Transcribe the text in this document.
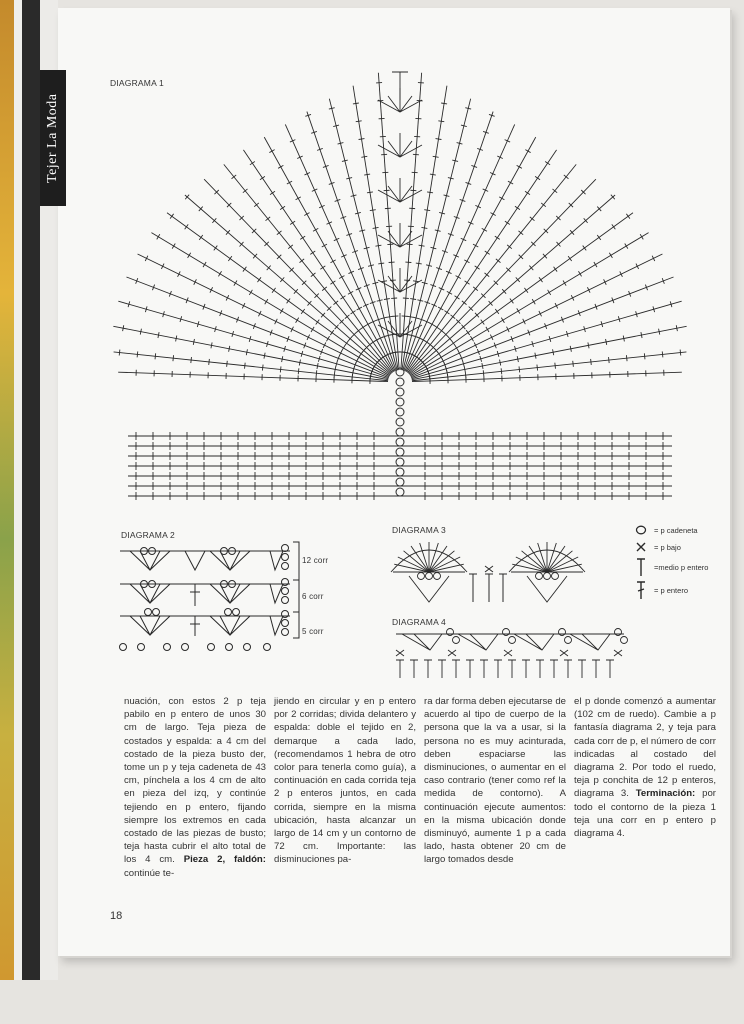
Tejer La Moda
DIAGRAMA 1
DIAGRAMA 2	DIAGRAMA 3
DIAGRAMA 4
12 corr
6 corr
5 corr
= p cadeneta
= p bajo
=medio p entero
= p entero
nuación, con estos 2 p teja pabilo en p entero de unos 30 cm de largo. Teja pieza de costados y espalda: a 4 cm del costado de la pieza busto der, tome un p y teja cadeneta de 43 cm, pínchela a los 4 cm de alto en pieza del izq, y continúe tejiendo en p entero, fijando siempre los extremos en cada costado de las piezas de busto; teja hasta cubrir el alto total de los 4 cm. Pieza 2, faldón: continúe te-
jiendo en circular y en p entero por 2 corridas; divida delantero y espalda: doble el tejido en 2, demarque a cada lado, (recomendamos 1 hebra de otro color para tenerla como guía), a continuación en cada corrida teja 2 p enteros juntos, en cada corrida, siempre en la misma ubicación, hasta alcanzar un largo de 14 cm y un contorno de 72 cm. Importante: las disminuciones pa-
ra dar forma deben ejecutarse de acuerdo al tipo de cuerpo de la persona que la va a usar, si la persona no es muy acinturada, deben espaciarse las disminuciones, o aumentar en el caso contrario (tener como ref la medida de contorno). A continuación ejecute aumentos: en la misma ubicación donde disminuyó, aumente 1 p a cada lado, hasta obtener 20 cm de largo tomados desde
el p donde comenzó a aumentar (102 cm de ruedo). Cambie a p fantasía diagrama 2, y teja para cada corr de p, el número de corr indicadas al costado del diagrama 2. Por todo el ruedo, teja p conchita de 12 p enteros, diagrama 3. Terminación: por todo el contorno de la pieza 1 teja una corr en p entero p diagrama 4.
18
